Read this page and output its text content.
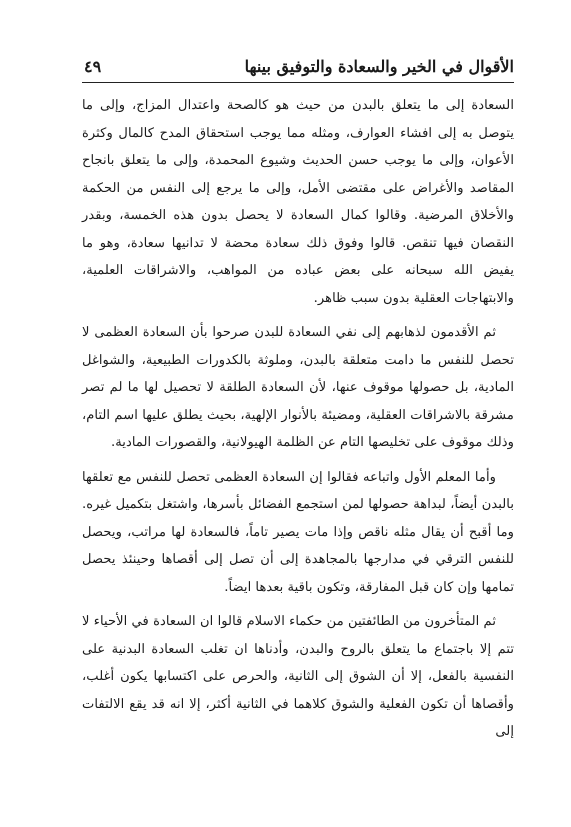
الأقوال في الخير والسعادة والتوفيق بينها
٤٩

السعادة إلى ما يتعلق بالبدن من حيث هو كالصحة واعتدال المزاج، وإلى ما يتوصل به إلى افشاء العوارف، ومثله مما يوجب استحقاق المدح كالمال وكثرة الأعوان، وإلى ما يوجب حسن الحديث وشيوع المحمدة، وإلى ما يتعلق بانجاح المقاصد والأغراض على مقتضى الأمل، وإلى ما يرجع إلى النفس من الحكمة والأخلاق المرضية. وقالوا كمال السعادة لا يحصل بدون هذه الخمسة، وبقدر النقصان فيها تنقص. قالوا وفوق ذلك سعادة محضة لا تدانيها سعادة، وهو ما يفيض الله سبحانه على بعض عباده من المواهب، والاشراقات العلمية، والابتهاجات العقلية بدون سبب ظاهر.

ثم الأقدمون لذهابهم إلى نفي السعادة للبدن صرحوا بأن السعادة العظمى لا تحصل للنفس ما دامت متعلقة بالبدن، وملوثة بالكدورات الطبيعية، والشواغل المادية، بل حصولها موقوف عنها، لأن السعادة الطلقة لا تحصيل لها ما لم تصر مشرقة بالاشراقات العقلية، ومضيئة بالأنوار الإلهية، بحيث يطلق عليها اسم التام، وذلك موقوف على تخليصها التام عن الظلمة الهيولانية، والقصورات المادية.

وأما المعلم الأول واتباعه فقالوا إن السعادة العظمى تحصل للنفس مع تعلقها بالبدن أيضاً، لبداهة حصولها لمن استجمع الفضائل بأسرها، واشتغل بتكميل غيره. وما أقبح أن يقال مثله ناقص وإذا مات يصير تاماً، فالسعادة لها مراتب، ويحصل للنفس الترقي في مدارجها بالمجاهدة إلى أن تصل إلى أقصاها وحينئذ يحصل تمامها وإن كان قبل المفارقة، وتكون باقية بعدها ايضاً.

ثم المتأخرون من الطائفتين من حكماء الاسلام قالوا ان السعادة في الأحياء لا تتم إلا باجتماع ما يتعلق بالروح والبدن، وأدناها ان تغلب السعادة البدنية على النفسية بالفعل، إلا أن الشوق إلى الثانية، والحرص على اكتسابها يكون أغلب، وأقصاها أن تكون الفعلية والشوق كلاهما في الثانية أكثر، إلا انه قد يقع الالتفات إلى
